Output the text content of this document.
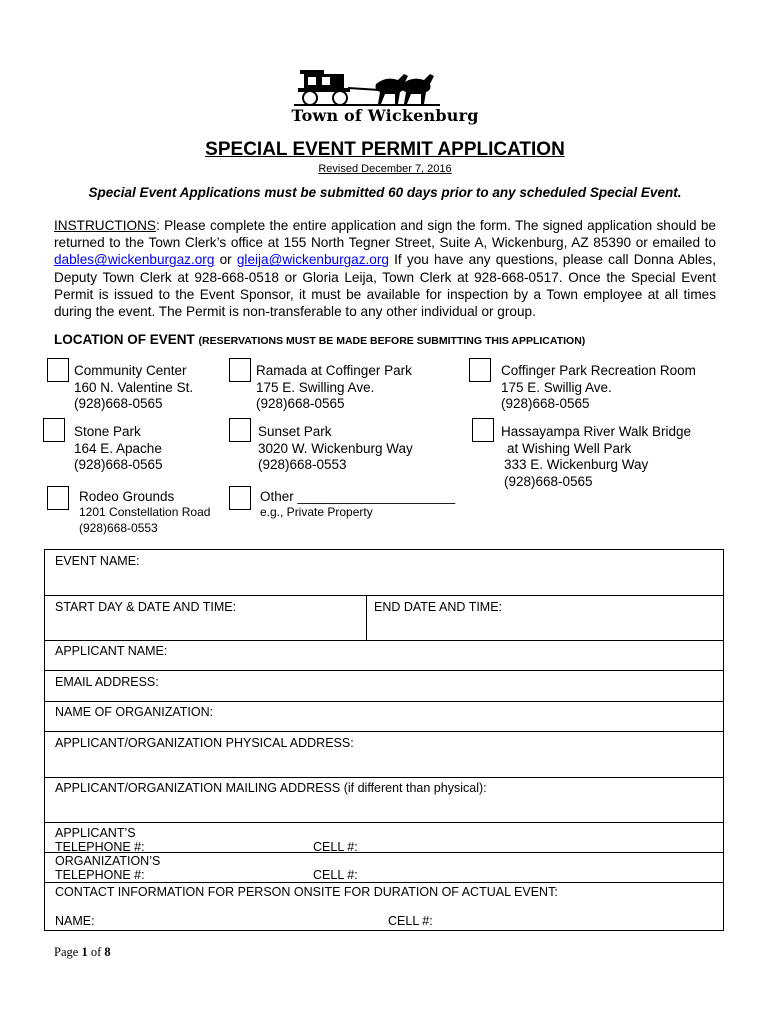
Town of Wickenburg
SPECIAL EVENT PERMIT APPLICATION
Revised December 7, 2016
Special Event Applications must be submitted 60 days prior to any scheduled Special Event.
INSTRUCTIONS: Please complete the entire application and sign the form. The signed application should be returned to the Town Clerk’s office at 155 North Tegner Street, Suite A, Wickenburg, AZ 85390 or emailed to dables@wickenburgaz.org or gleija@wickenburgaz.org If you have any questions, please call Donna Ables, Deputy Town Clerk at 928-668-0518 or Gloria Leija, Town Clerk at 928-668-0517. Once the Special Event Permit is issued to the Event Sponsor, it must be available for inspection by a Town employee at all times during the event. The Permit is non-transferable to any other individual or group.
LOCATION OF EVENT (RESERVATIONS MUST BE MADE BEFORE SUBMITTING THIS APPLICATION)
Community Center
160 N. Valentine St.
(928)668-0565
Ramada at Coffinger Park
175 E. Swilling Ave.
(928)668-0565
Coffinger Park Recreation Room
175 E. Swillig Ave.
(928)668-0565
Stone Park
164 E. Apache
(928)668-0565
Sunset Park
3020 W. Wickenburg Way
(928)668-0553
Hassayampa River Walk Bridge
at Wishing Well Park
333 E. Wickenburg Way
(928)668-0565
Rodeo Grounds
1201 Constellation Road
(928)668-0553
Other _____________________
e.g., Private Property
EVENT NAME:
START DAY & DATE AND TIME:	END DATE AND TIME:
APPLICANT NAME:
EMAIL ADDRESS:
NAME OF ORGANIZATION:
APPLICANT/ORGANIZATION PHYSICAL ADDRESS:
APPLICANT/ORGANIZATION MAILING ADDRESS (if different than physical):
APPLICANT’S
TELEPHONE #:	CELL #:
ORGANIZATION’S
TELEPHONE #:	CELL #:
CONTACT INFORMATION FOR PERSON ONSITE FOR DURATION OF ACTUAL EVENT:
NAME:	CELL #:
Page 1 of 8
